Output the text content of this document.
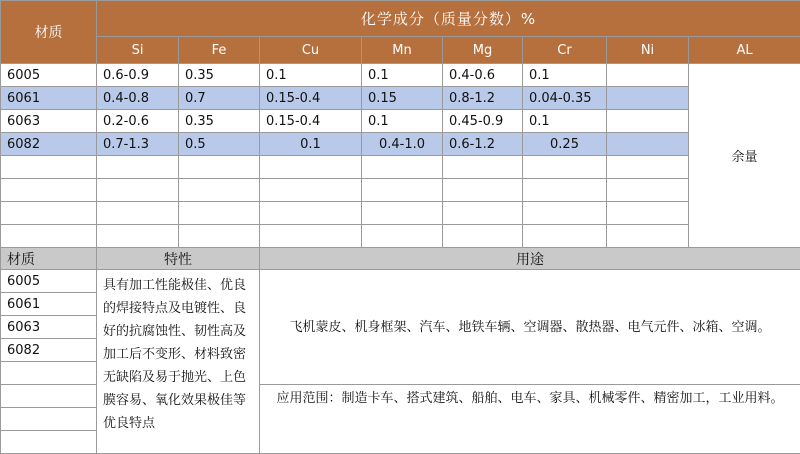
材质	化学成分（质量分数）%							
	Si	Fe	Cu	Mn	Mg	Cr	Ni	AL
6005	0.6-0.9	0.35	0.1	0.1	0.4-0.6	0.1		余量
6061	0.4-0.8	0.7	0.15-0.4	0.15	0.8-1.2	0.04-0.35		
6063	0.2-0.6	0.35	0.15-0.4	0.1	0.45-0.9	0.1		
6082	0.7-1.3	0.5	0.1	0.4-1.0	0.6-1.2	0.25		

材质	特性	用途
6005	具有加工性能极佳、优良的焊接特点及电镀性、良好的抗腐蚀性、韧性高及加工后不变形、材料致密无缺陷及易于抛光、上色膜容易、氧化效果极佳等优良特点	飞机蒙皮、机身框架、汽车、地铁车辆、空调器、散热器、电气元件、冰箱、空调。
6061		
6063		
6082		

		应用范围：制造卡车、搭式建筑、船舶、电车、家具、机械零件、精密加工，工业用料。
